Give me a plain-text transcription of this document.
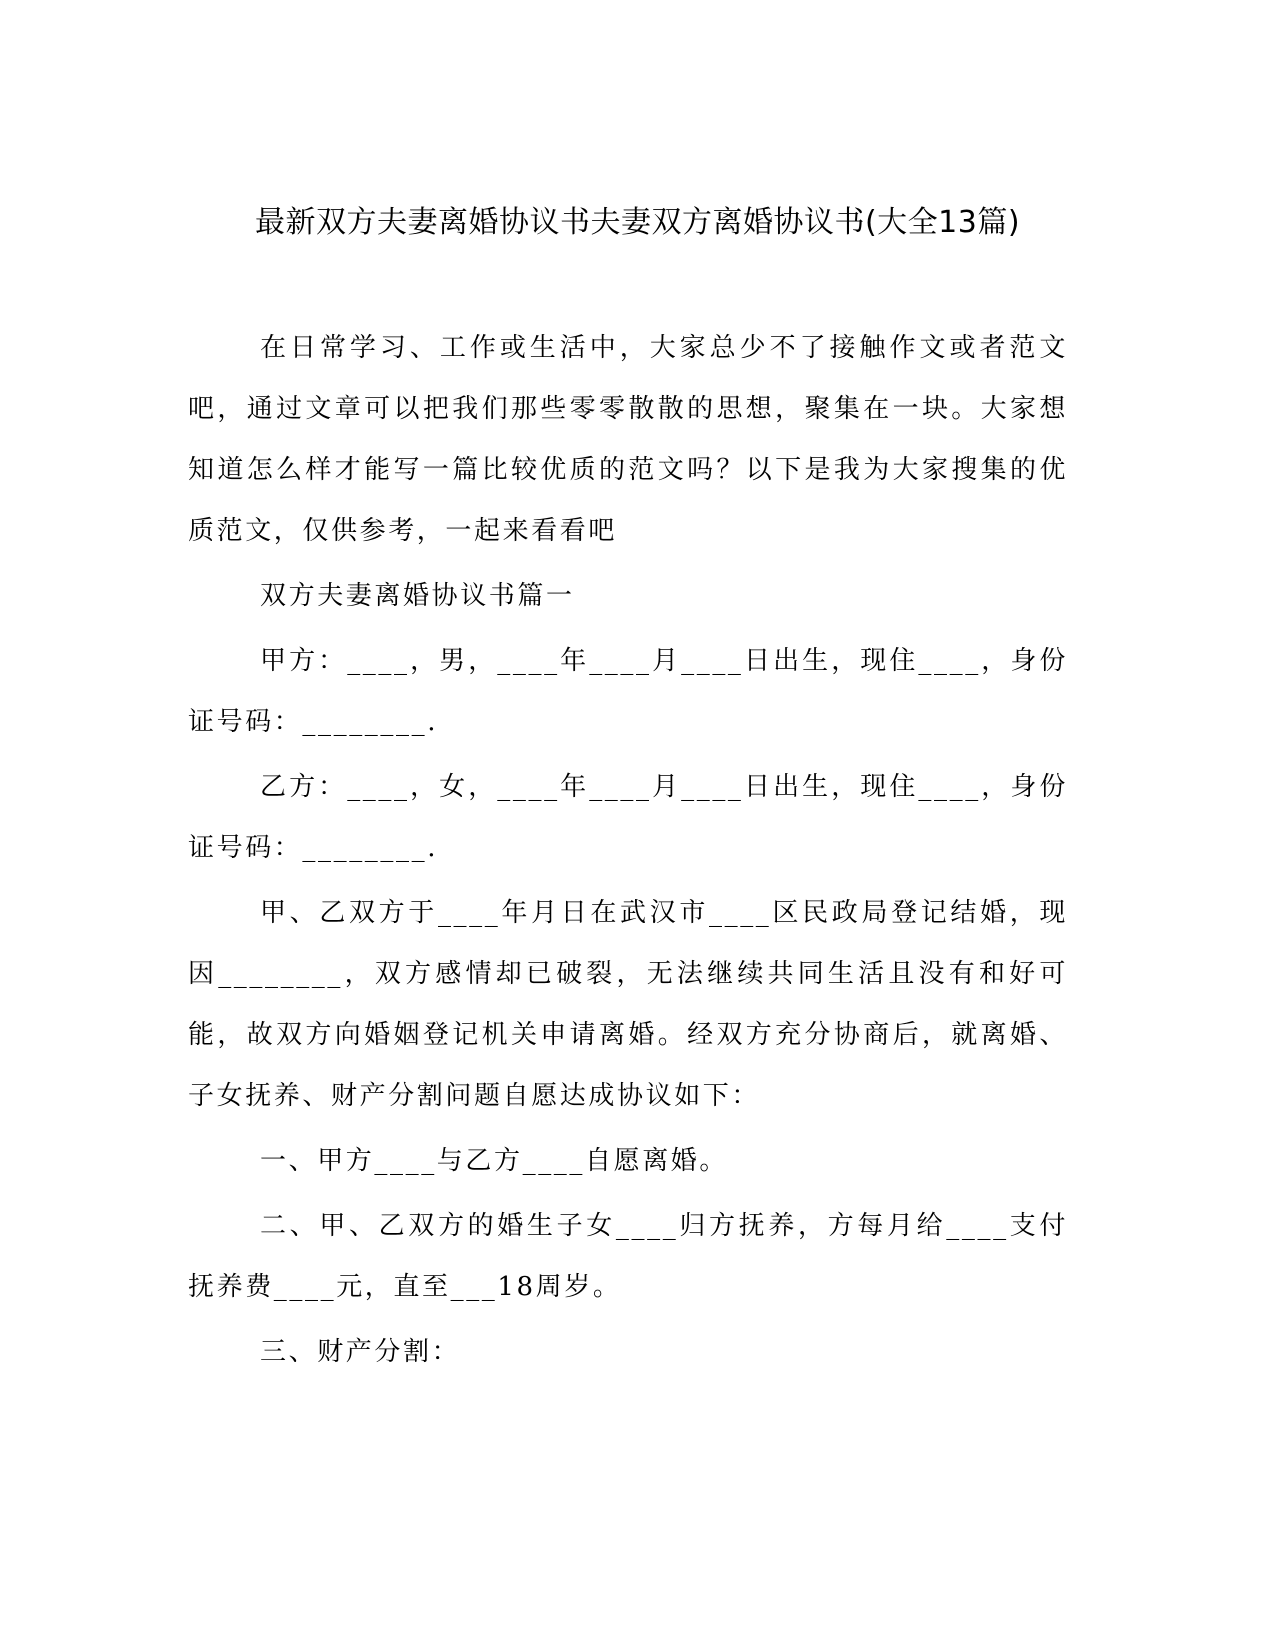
最新双方夫妻离婚协议书夫妻双方离婚协议书(大全13篇)

在日常学习、工作或生活中，大家总少不了接触作文或者范文吧，通过文章可以把我们那些零零散散的思想，聚集在一块。大家想知道怎么样才能写一篇比较优质的范文吗？以下是我为大家搜集的优质范文，仅供参考，一起来看看吧

双方夫妻离婚协议书篇一

甲方：____，男，____年____月____日出生，现住____，身份证号码：________.

乙方：____，女，____年____月____日出生，现住____，身份证号码：________.

甲、乙双方于____年月日在武汉市____区民政局登记结婚，现因________，双方感情却已破裂，无法继续共同生活且没有和好可能，故双方向婚姻登记机关申请离婚。经双方充分协商后，就离婚、子女抚养、财产分割问题自愿达成协议如下：

一、甲方____与乙方____自愿离婚。

二、甲、乙双方的婚生子女____归方抚养，方每月给____支付抚养费____元，直至___18周岁。

三、财产分割：
